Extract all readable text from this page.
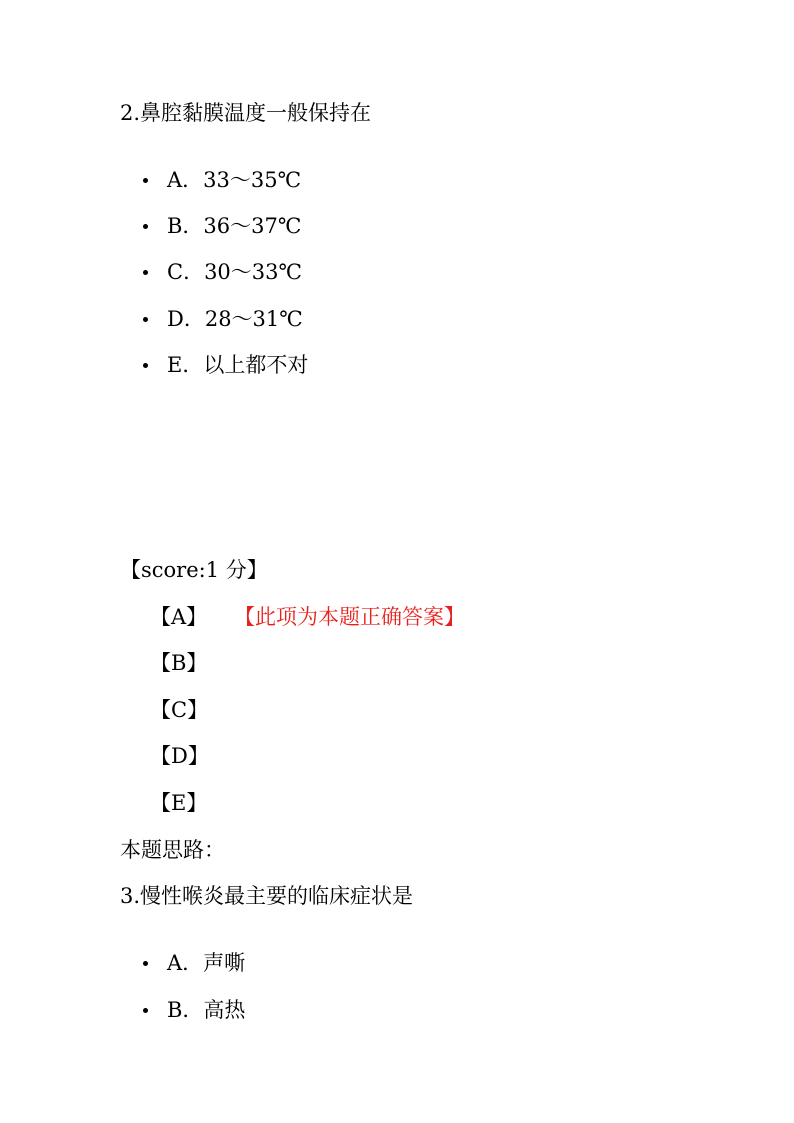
2.鼻腔黏膜温度一般保持在
A．33～35℃
B．36～37℃
C．30～33℃
D．28～31℃
E．以上都不对
【score:1 分】
【A】 【此项为本题正确答案】
【B】
【C】
【D】
【E】
本题思路：
3.慢性喉炎最主要的临床症状是
A．声嘶
B．高热
